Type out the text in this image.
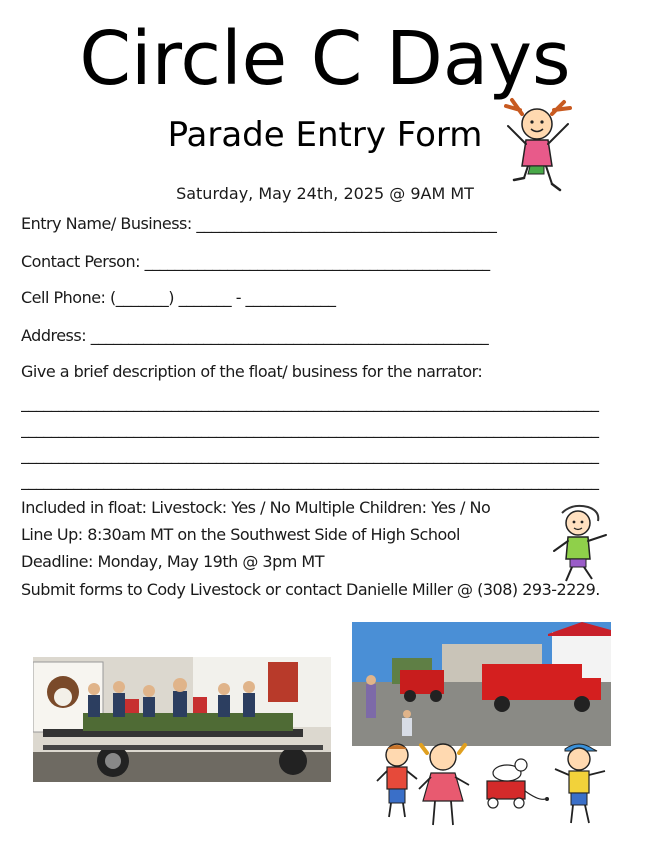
Circle C Days
Parade Entry Form
Saturday, May 24th, 2025 @ 9AM MT
Entry Name/ Business: ________________________________________
Contact Person: ______________________________________________
Cell Phone: (_______) _______ - ____________
Address: _____________________________________________________
Give a brief description of the float/ business for the narrator:
_____________________________________________________________________________
_____________________________________________________________________________
_____________________________________________________________________________
_____________________________________________________________________________
Included in float: Livestock: Yes / No Multiple Children: Yes / No
Line Up: 8:30am MT on the Southwest Side of High School
Deadline: Monday, May 19th @ 3pm MT
Submit forms to Cody Livestock or contact Danielle Miller @ (308) 293-2229.
